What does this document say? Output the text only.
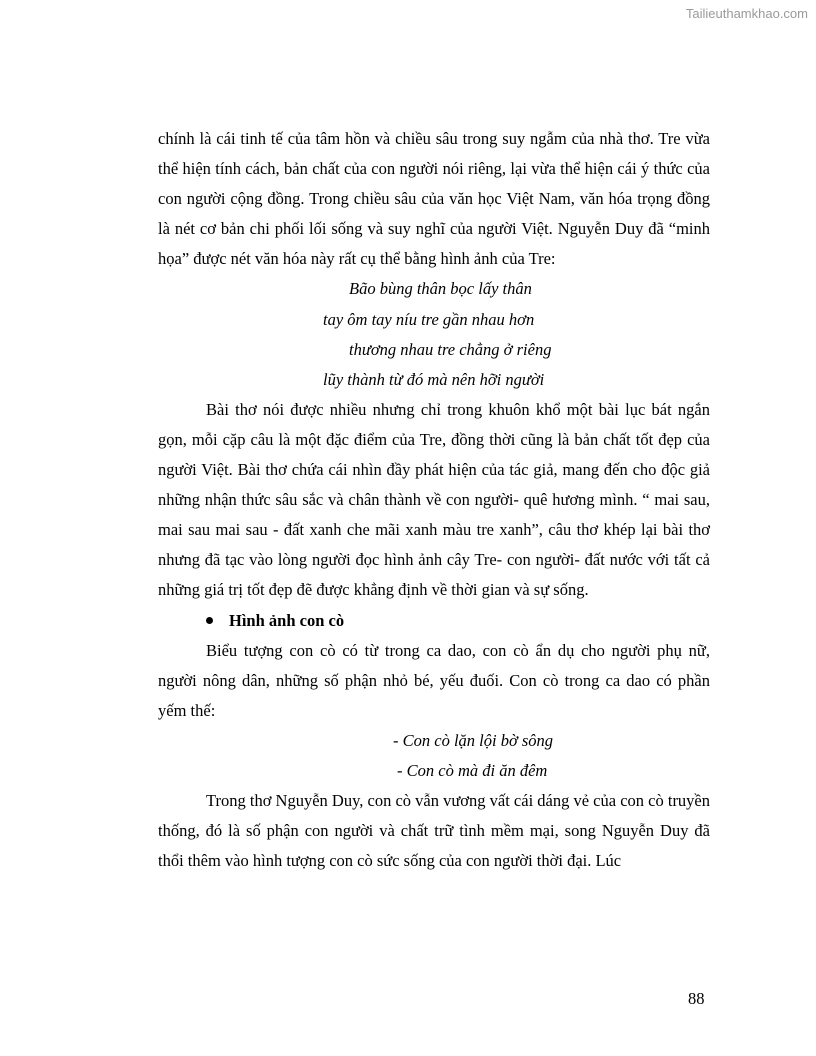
Tailieuthamkhao.com

chính là cái tinh tế của tâm hồn và chiều sâu trong suy ngẫm của nhà thơ. Tre vừa thể hiện tính cách, bản chất của con người nói riêng, lại vừa thể hiện cái ý thức của con người cộng đồng. Trong chiều sâu của văn học Việt Nam, văn hóa trọng đồng là nét cơ bản chi phối lối sống và suy nghĩ của người Việt. Nguyễn Duy đã “minh họa” được nét văn hóa này rất cụ thể bằng hình ảnh của Tre:

Bão bùng thân bọc lấy thân
tay ôm tay níu tre gần nhau hơn
thương nhau tre chẳng ở riêng
lũy thành từ đó mà nên hỡi người

Bài thơ nói được nhiều nhưng chỉ trong khuôn khổ một bài lục bát ngắn gọn, mỗi cặp câu là một đặc điểm của Tre, đồng thời cũng là bản chất tốt đẹp của người Việt. Bài thơ chứa cái nhìn đầy phát hiện của tác giả, mang đến cho độc giả những nhận thức sâu sắc và chân thành về con người- quê hương mình. “ mai sau, mai sau mai sau - đất xanh che mãi xanh màu tre xanh”, câu thơ khép lại bài thơ nhưng đã tạc vào lòng người đọc hình ảnh cây Tre- con người- đất nước với tất cả những giá trị tốt đẹp đẽ được khẳng định về thời gian và sự sống.

Hình ảnh con cò

Biểu tượng con cò có từ trong ca dao, con cò ẩn dụ cho người phụ nữ, người nông dân, những số phận nhỏ bé, yếu đuối. Con cò trong ca dao có phần yếm thế:

- Con cò lặn lội bờ sông
- Con cò mà đi ăn đêm

Trong thơ Nguyễn Duy, con cò vẫn vương vất cái dáng vẻ của con cò truyền thống, đó là số phận con người và chất trữ tình mềm mại, song Nguyễn Duy đã thổi thêm vào hình tượng con cò sức sống của con người thời đại. Lúc

88
